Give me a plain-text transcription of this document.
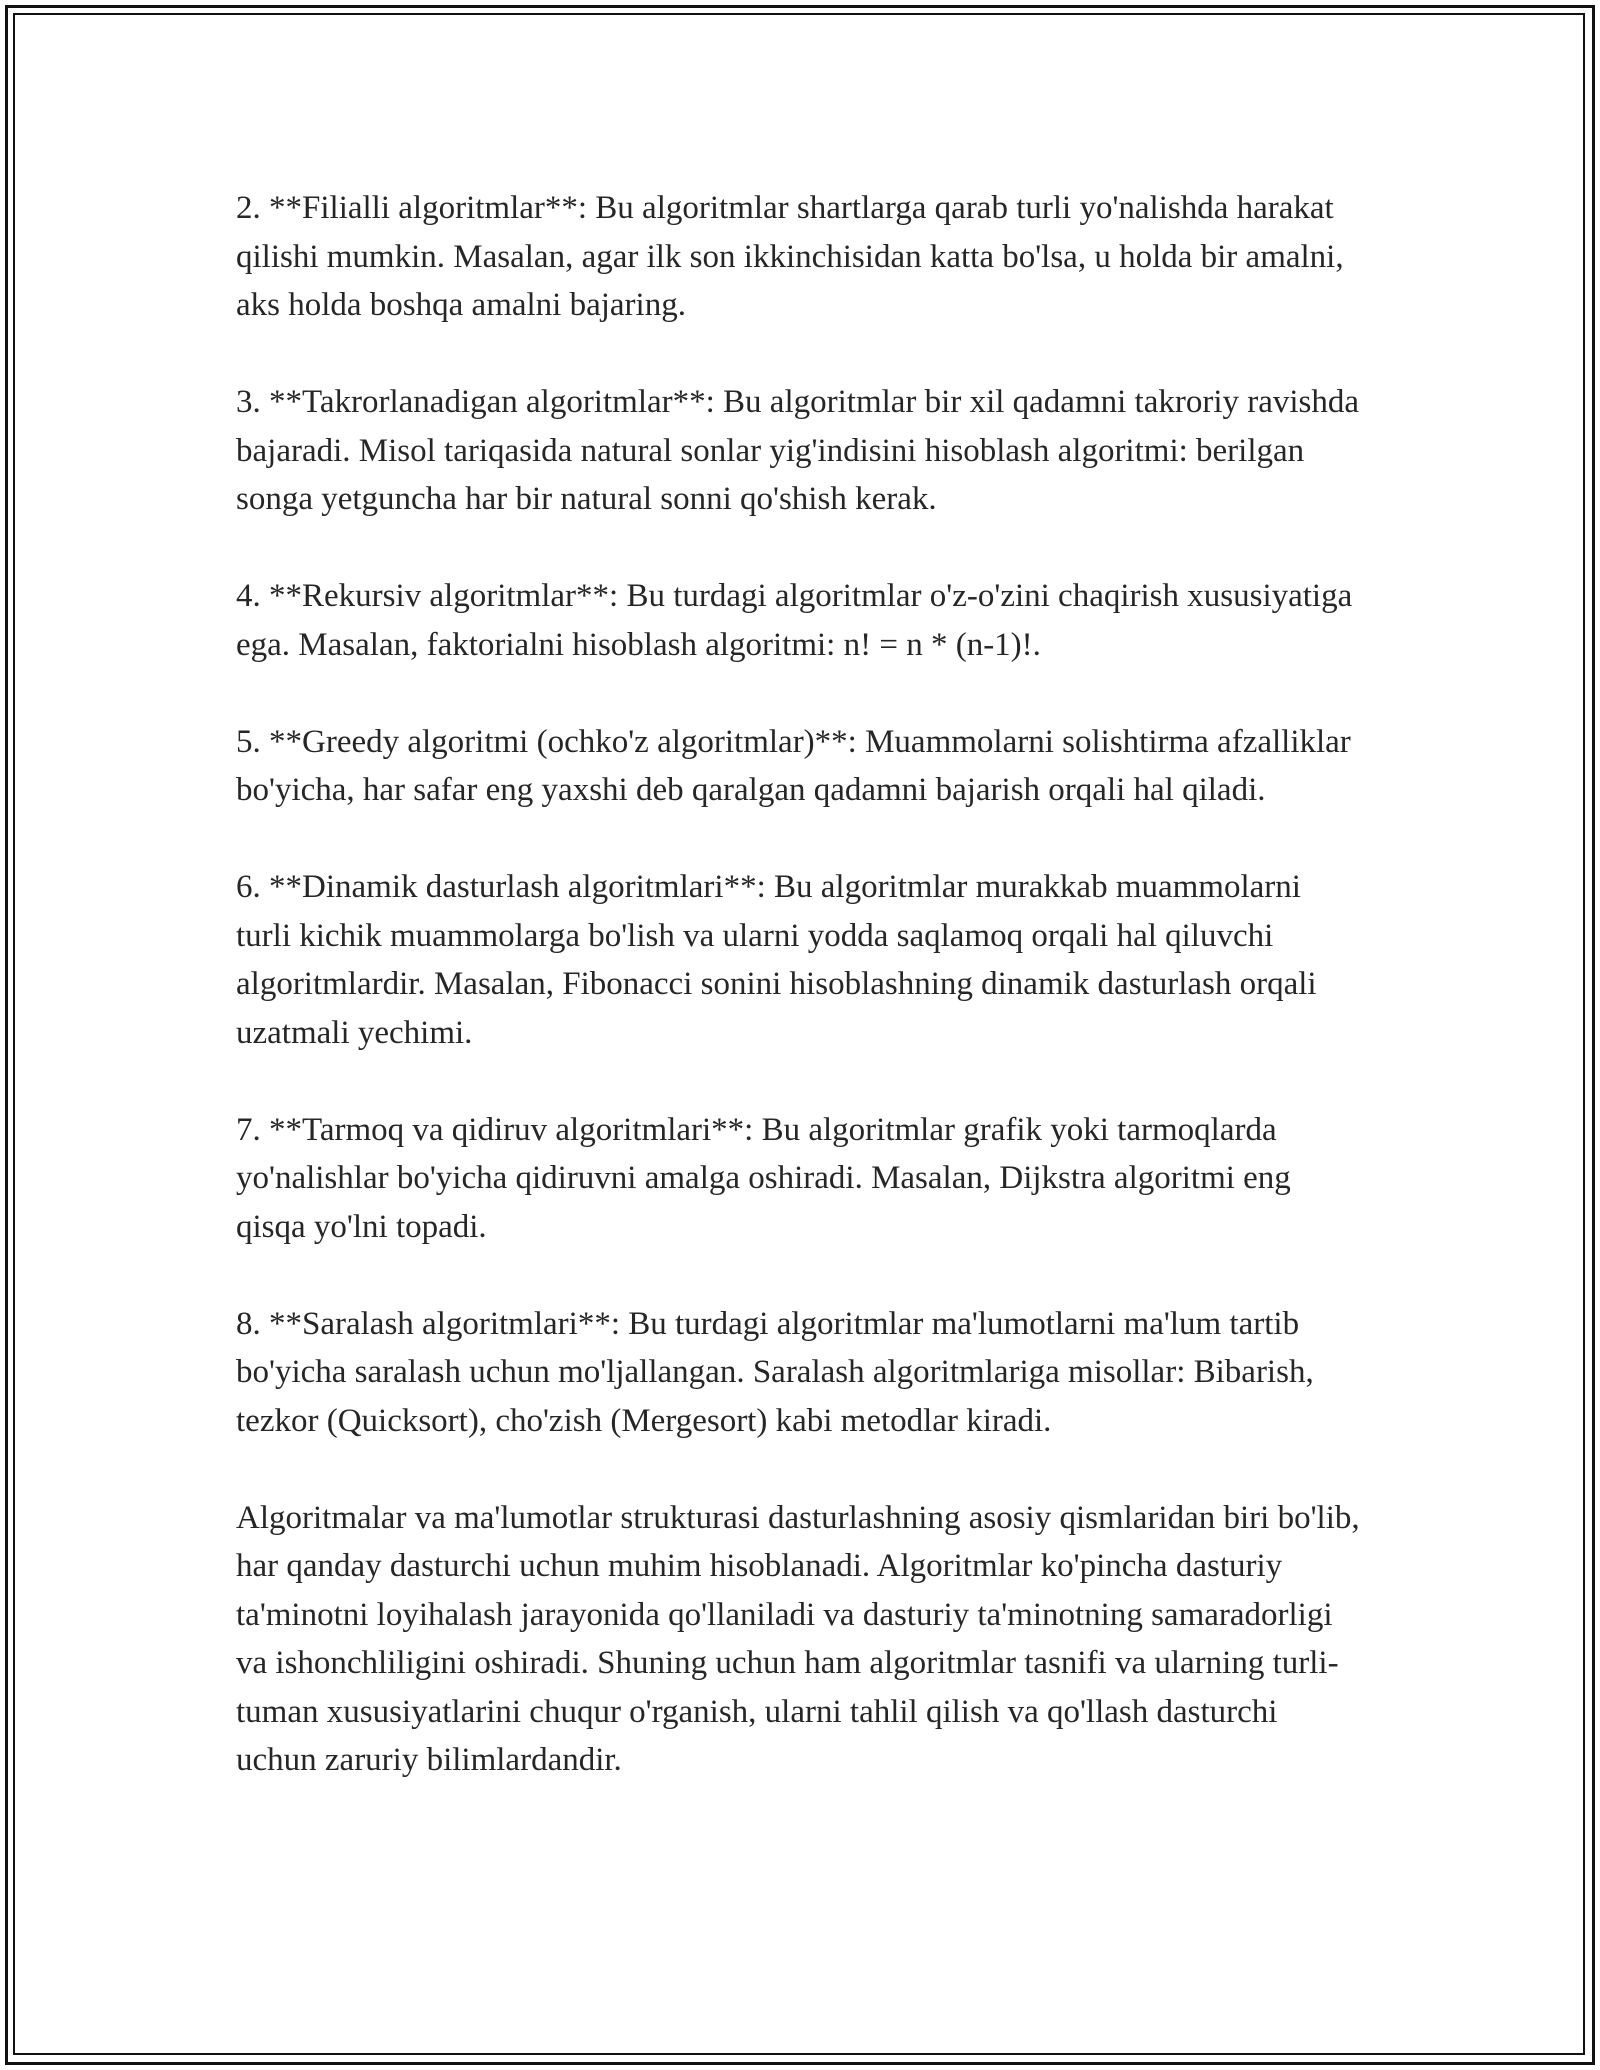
2. **Filialli algoritmlar**: Bu algoritmlar shartlarga qarab turli yo'nalishda harakat qilishi mumkin. Masalan, agar ilk son ikkinchisidan katta bo'lsa, u holda bir amalni, aks holda boshqa amalni bajaring.

3. **Takrorlanadigan algoritmlar**: Bu algoritmlar bir xil qadamni takroriy ravishda bajaradi. Misol tariqasida natural sonlar yig'indisini hisoblash algoritmi: berilgan songa yetguncha har bir natural sonni qo'shish kerak.

4. **Rekursiv algoritmlar**: Bu turdagi algoritmlar o'z-o'zini chaqirish xususiyatiga ega. Masalan, faktorialni hisoblash algoritmi: n! = n * (n-1)!.

5. **Greedy algoritmi (ochko'z algoritmlar)**: Muammolarni solishtirma afzalliklar bo'yicha, har safar eng yaxshi deb qaralgan qadamni bajarish orqali hal qiladi.

6. **Dinamik dasturlash algoritmlari**: Bu algoritmlar murakkab muammolarni turli kichik muammolarga bo'lish va ularni yodda saqlamoq orqali hal qiluvchi algoritmlardir. Masalan, Fibonacci sonini hisoblashning dinamik dasturlash orqali uzatmali yechimi.

7. **Tarmoq va qidiruv algoritmlari**: Bu algoritmlar grafik yoki tarmoqlarda yo'nalishlar bo'yicha qidiruvni amalga oshiradi. Masalan, Dijkstra algoritmi eng qisqa yo'lni topadi.

8. **Saralash algoritmlari**: Bu turdagi algoritmlar ma'lumotlarni ma'lum tartib bo'yicha saralash uchun mo'ljallangan. Saralash algoritmlariga misollar: Bibarish, tezkor (Quicksort), cho'zish (Mergesort) kabi metodlar kiradi.

Algoritmalar va ma'lumotlar strukturasi dasturlashning asosiy qismlaridan biri bo'lib, har qanday dasturchi uchun muhim hisoblanadi. Algoritmlar ko'pincha dasturiy ta'minotni loyihalash jarayonida qo'llaniladi va dasturiy ta'minotning samaradorligi va ishonchliligini oshiradi. Shuning uchun ham algoritmlar tasnifi va ularning turli-tuman xususiyatlarini chuqur o'rganish, ularni tahlil qilish va qo'llash dasturchi uchun zaruriy bilimlardandir.
